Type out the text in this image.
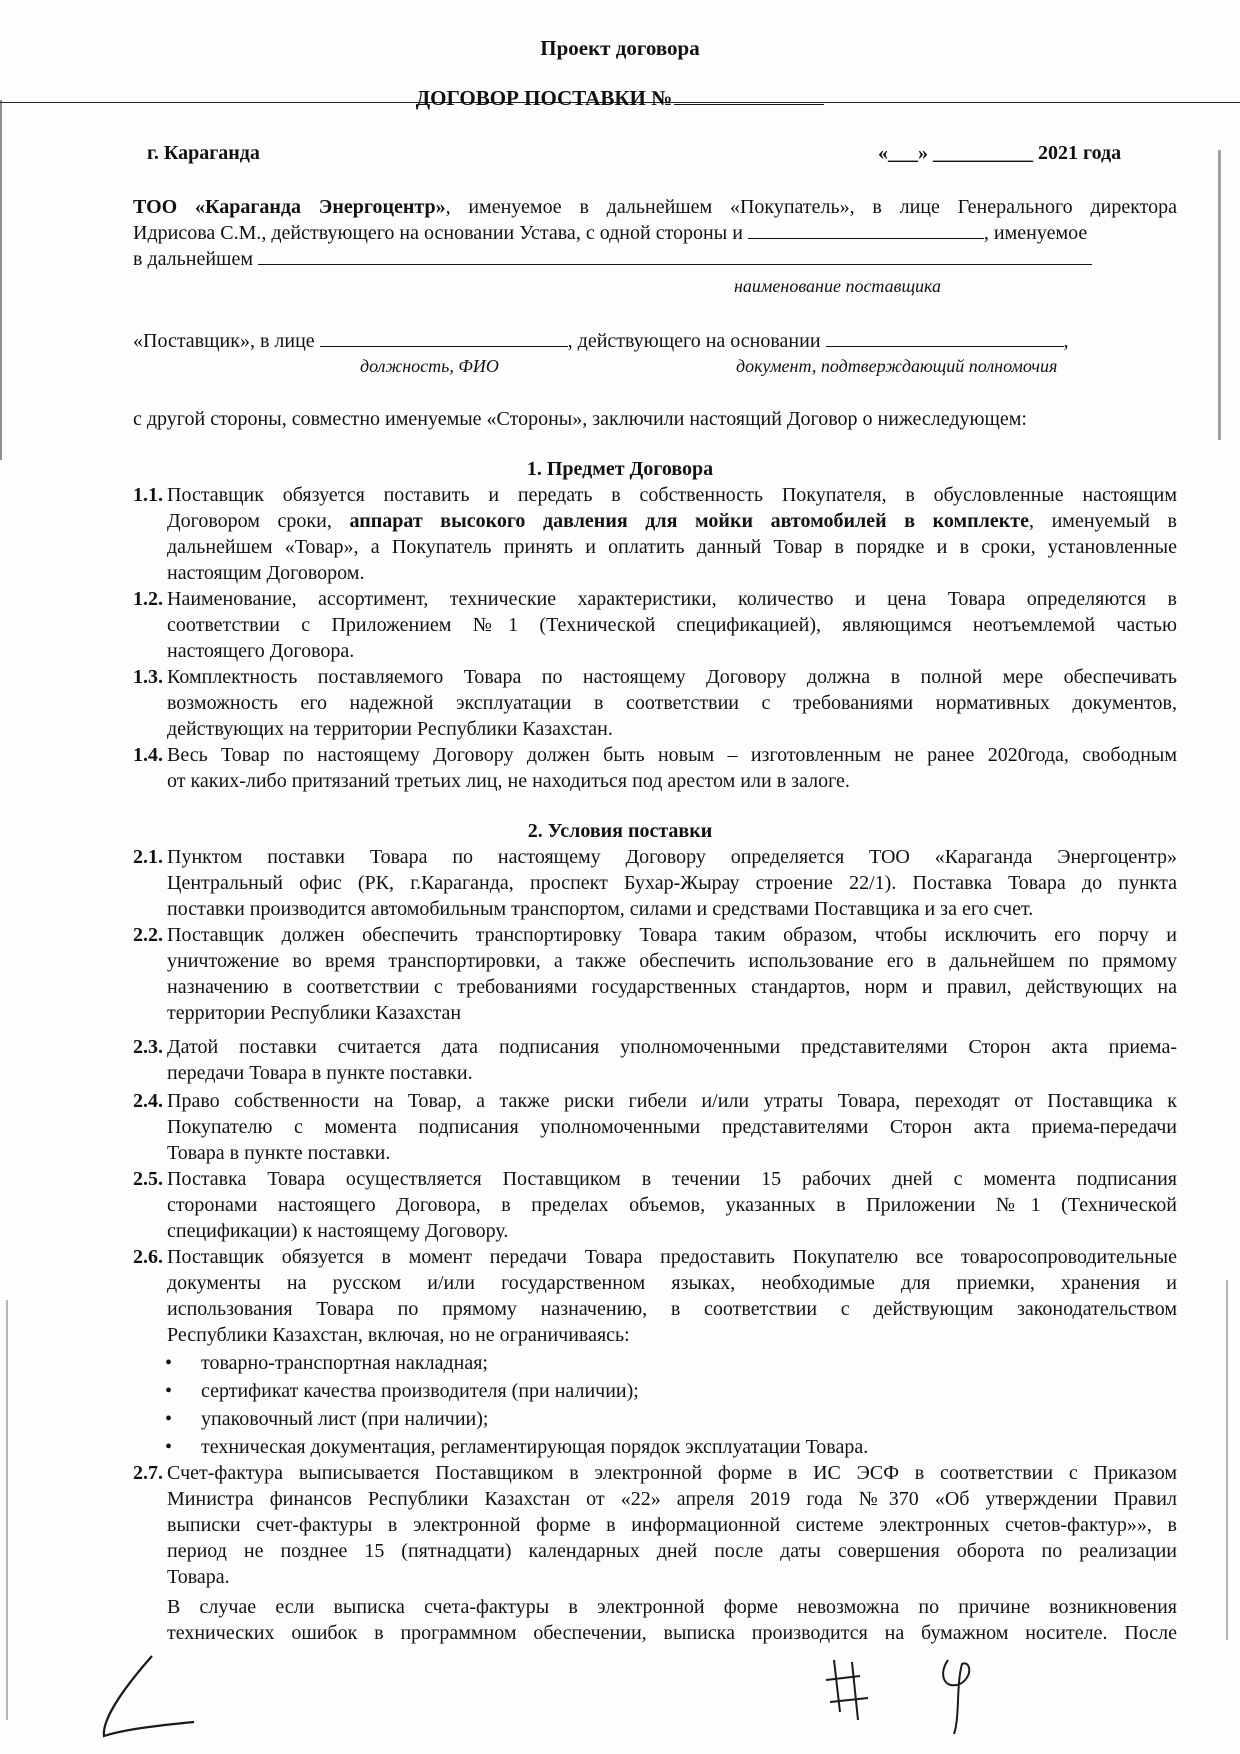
Проект договора
ДОГОВОР ПОСТАВКИ №
г. Караганда	«___» __________ 2021 года
ТОО «Караганда Энергоцентр», именуемое в дальнейшем «Покупатель», в лице Генерального директора
Идрисова С.М., действующего на основании Устава, с одной стороны и	, именуемое
в дальнейшем
наименование поставщика
«Поставщик», в лице	, действующего на основании	,
должность, ФИО	документ, подтверждающий полномочия
с другой стороны, совместно именуемые «Стороны», заключили настоящий Договор о нижеследующем:
1. Предмет Договора
1.1. Поставщик обязуется поставить и передать в собственность Покупателя, в обусловленные настоящим
Договором сроки, аппарат высокого давления для мойки автомобилей в комплекте, именуемый в
дальнейшем «Товар», а Покупатель принять и оплатить данный Товар в порядке и в сроки, установленные
настоящим Договором.
1.2. Наименование, ассортимент, технические характеристики, количество и цена Товара определяются в
соответствии с Приложением №1 (Технической спецификацией), являющимся неотъемлемой частью
настоящего Договора.
1.3. Комплектность поставляемого Товара по настоящему Договору должна в полной мере обеспечивать
возможность его надежной эксплуатации в соответствии с требованиями нормативных документов,
действующих на территории Республики Казахстан.
1.4. Весь Товар по настоящему Договору должен быть новым – изготовленным не ранее 2020года, свободным
от каких-либо притязаний третьих лиц, не находиться под арестом или в залоге.
2. Условия поставки
2.1. Пунктом поставки Товара по настоящему Договору определяется ТОО «Караганда Энергоцентр»
Центральный офис (РК, г.Караганда, проспект Бухар-Жырау строение 22/1). Поставка Товара до пункта
поставки производится автомобильным транспортом, силами и средствами Поставщика и за его счет.
2.2. Поставщик должен обеспечить транспортировку Товара таким образом, чтобы исключить его порчу и
уничтожение во время транспортировки, а также обеспечить использование его в дальнейшем по прямому
назначению в соответствии с требованиями государственных стандартов, норм и правил, действующих на
территории Республики Казахстан
2.3. Датой поставки считается дата подписания уполномоченными представителями Сторон акта приема-
передачи Товара в пункте поставки.
2.4. Право собственности на Товар, а также риски гибели и/или утраты Товара, переходят от Поставщика к
Покупателю с момента подписания уполномоченными представителями Сторон акта приема-передачи
Товара в пункте поставки.
2.5. Поставка Товара осуществляется Поставщиком в течении 15 рабочих дней с момента подписания
сторонами настоящего Договора, в пределах объемов, указанных в Приложении №1 (Технической
спецификации) к настоящему Договору.
2.6. Поставщик обязуется в момент передачи Товара предоставить Покупателю все товаросопроводительные
документы на русском и/или государственном языках, необходимые для приемки, хранения и
использования Товара по прямому назначению, в соответствии с действующим законодательством
Республики Казахстан, включая, но не ограничиваясь:
• товарно-транспортная накладная;
• сертификат качества производителя (при наличии);
• упаковочный лист (при наличии);
• техническая документация, регламентирующая порядок эксплуатации Товара.
2.7. Счет-фактура выписывается Поставщиком в электронной форме в ИС ЭСФ в соответствии с Приказом
Министра финансов Республики Казахстан от «22» апреля 2019 года №370 «Об утверждении Правил
выписки счет-фактуры в электронной форме в информационной системе электронных счетов-фактур»», в
период не позднее 15 (пятнадцати) календарных дней после даты совершения оборота по реализации
Товара.
В случае если выписка счета-фактуры в электронной форме невозможна по причине возникновения
технических ошибок в программном обеспечении, выписка производится на бумажном носителе. После
